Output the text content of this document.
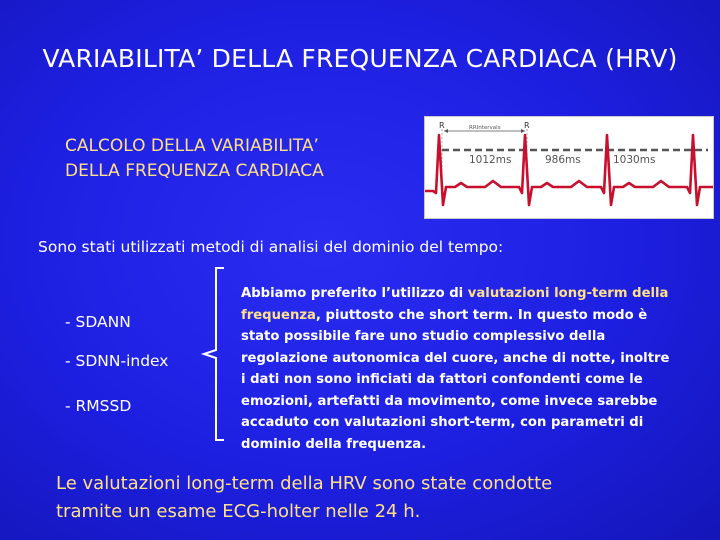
VARIABILITA’ DELLA FREQUENZA CARDIACA (HRV)
CALCOLO DELLA VARIABILITA’
DELLA FREQUENZA CARDIACA
R	R
RRIntervals
1012ms	986ms	1030ms
Sono stati utilizzati metodi di analisi del dominio del tempo:
- SDANN
- SDNN-index
- RMSSD
Abbiamo preferito l’utilizzo di valutazioni long-term della frequenza, piuttosto che short term. In questo modo è stato possibile fare uno studio complessivo della regolazione autonomica del cuore, anche di notte, inoltre i dati non sono inficiati da fattori confondenti come le emozioni, artefatti da movimento, come invece sarebbe accaduto con valutazioni short-term, con parametri di dominio della frequenza.
Le valutazioni long-term della HRV sono state condotte
tramite un esame ECG-holter nelle 24 h.
